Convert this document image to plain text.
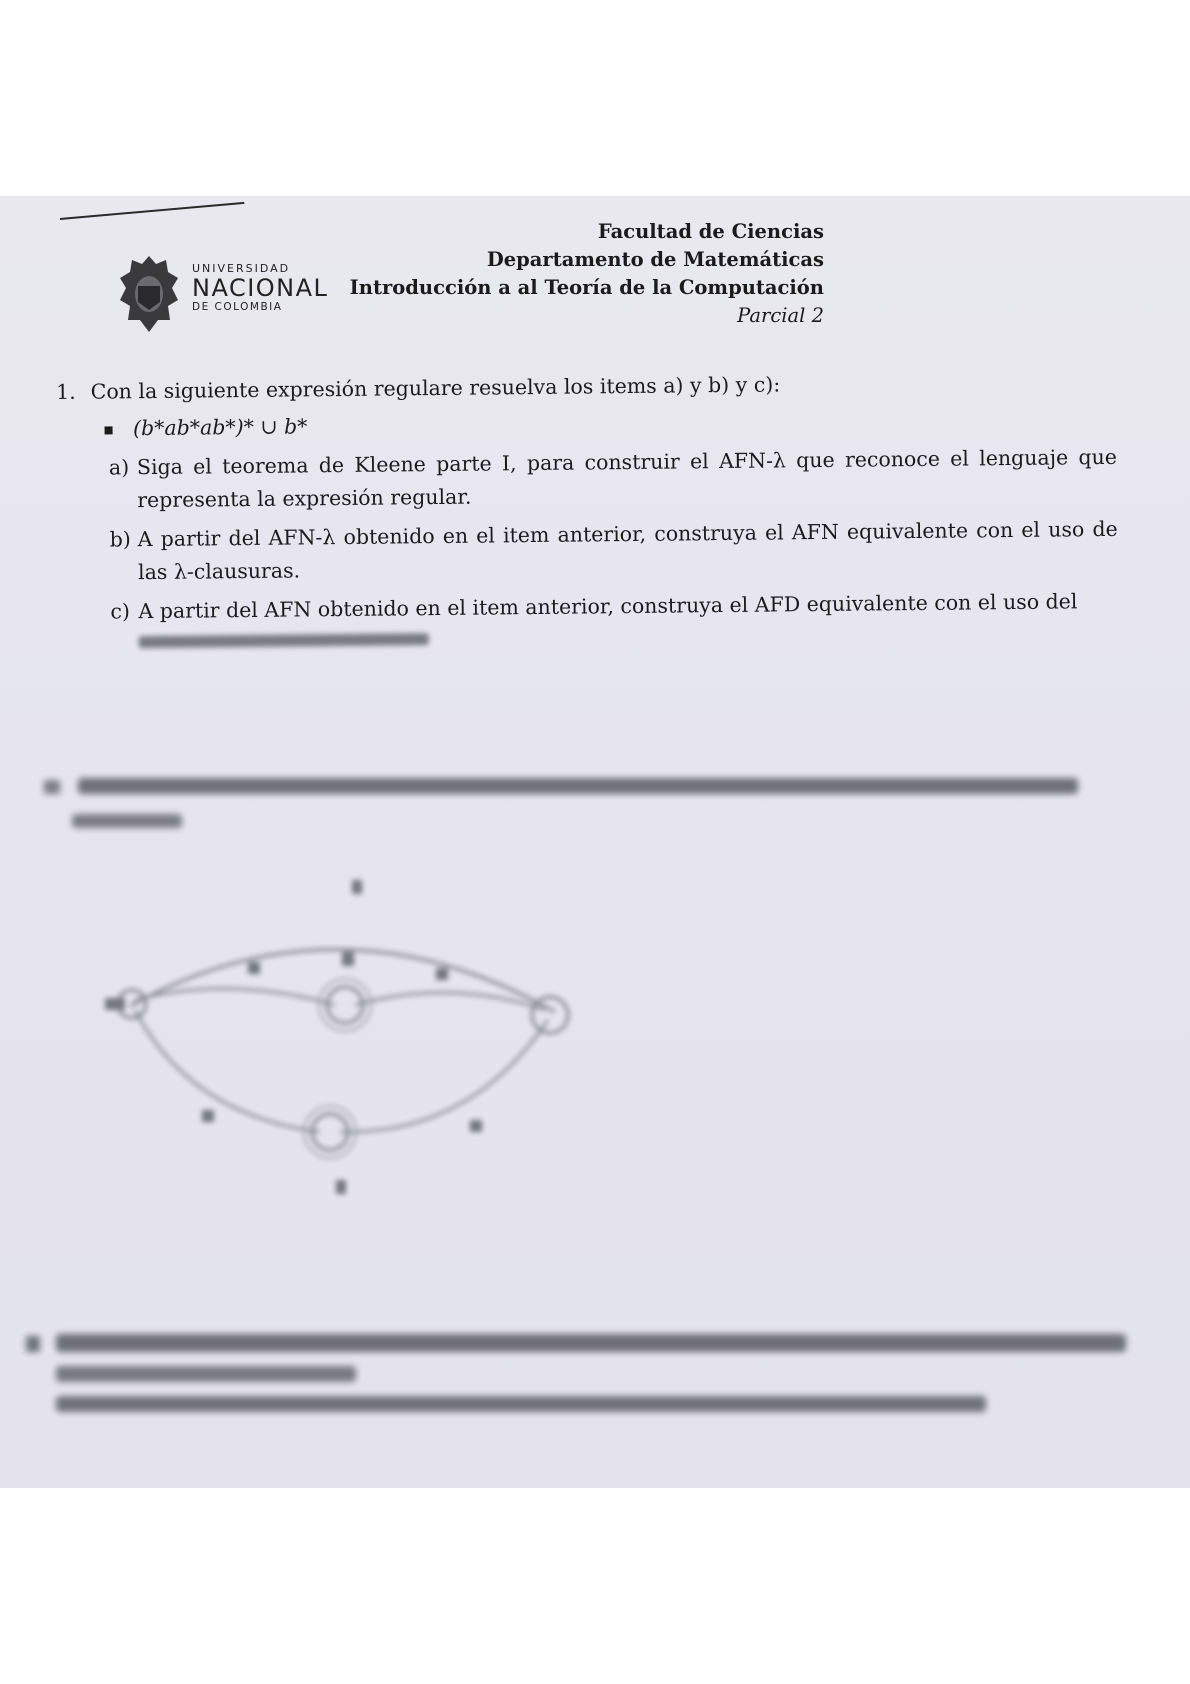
UNIVERSIDAD
NACIONAL
DE COLOMBIA
Facultad de Ciencias
Departamento de Matemáticas
Introducción a al Teoría de la Computación
Parcial 2
1. Con la siguiente expresión regulare resuelva los items a) y b) y c):
(b*ab*ab*)* ∪ b*
a) Siga el teorema de Kleene parte I, para construir el AFN-λ que reconoce el lenguaje que representa la expresión regular.
b) A partir del AFN-λ obtenido en el item anterior, construya el AFN equivalente con el uso de las λ-clausuras.
c) A partir del AFN obtenido en el item anterior, construya el AFD equivalente con el uso del
